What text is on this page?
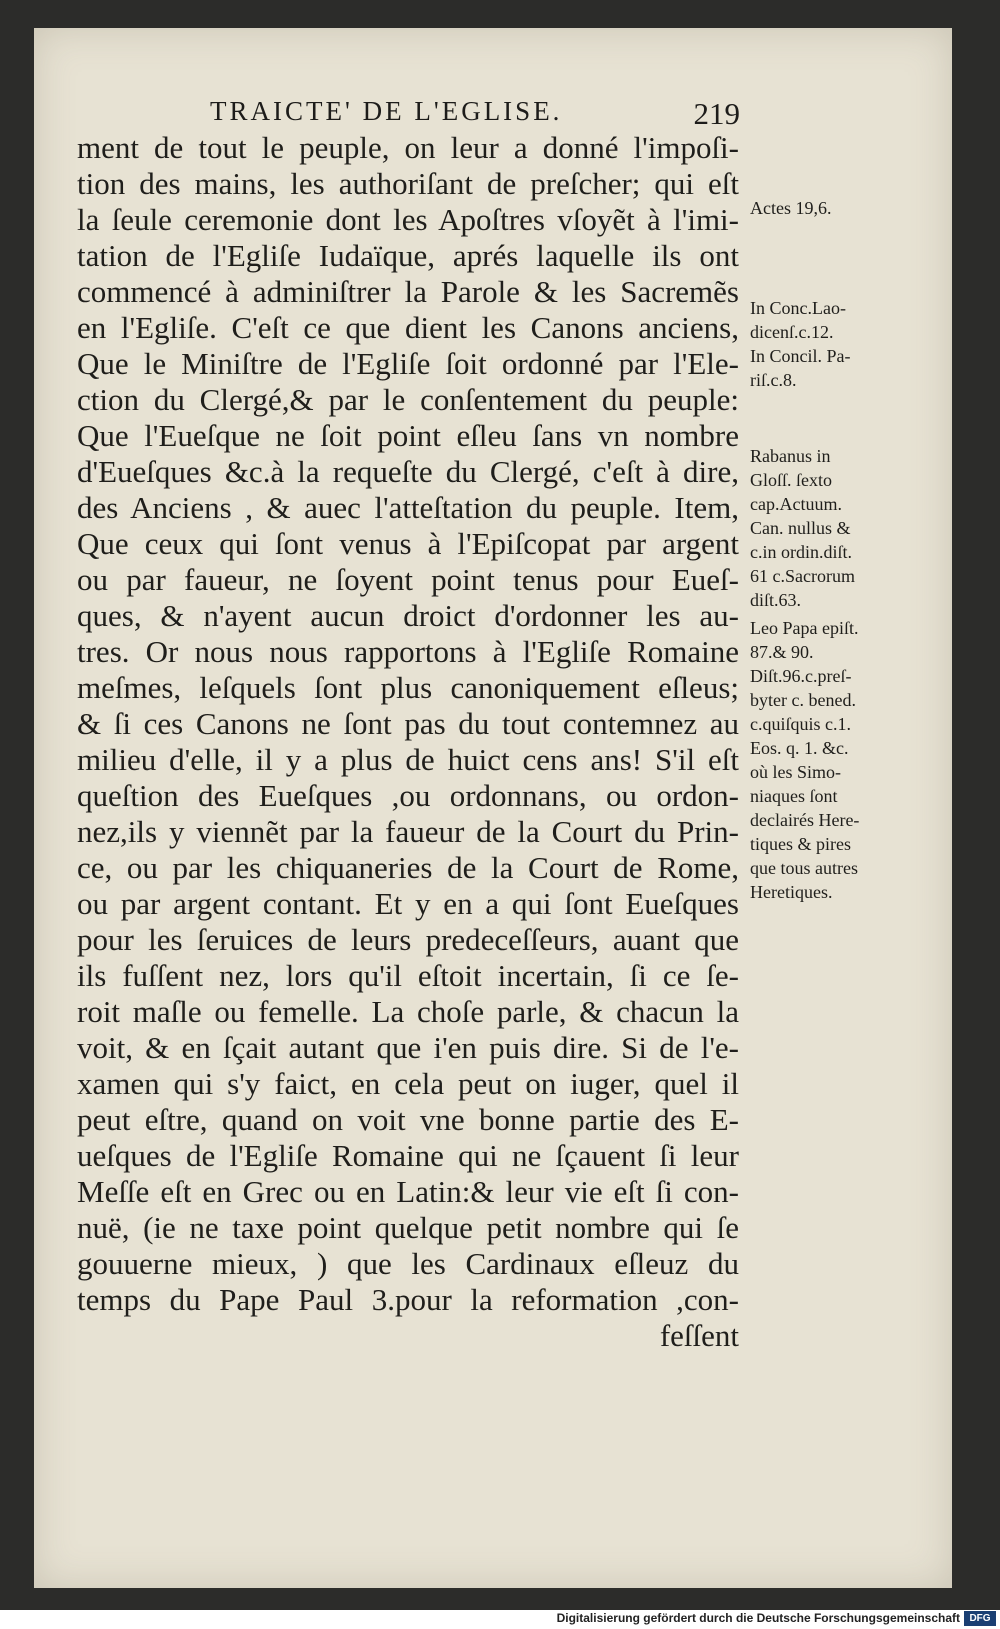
TRAICTE' DE L'EGLISE.	219
ment de tout le peuple, on leur a donné l'impoſi-
tion des mains, les authoriſant de preſcher; qui eſt
la ſeule ceremonie dont les Apoſtres vſoyẽt à l'imi-
tation de l'Egliſe Iudaïque, aprés laquelle ils ont
commencé à adminiſtrer la Parole & les Sacremẽs
en l'Egliſe. C'eſt ce que dient les Canons anciens,
Que le Miniſtre de l'Egliſe ſoit ordonné par l'Ele-
ction du Clergé,& par le conſentement du peuple:
Que l'Eueſque ne ſoit point eſleu ſans vn nombre
d'Eueſques &c.à la requeſte du Clergé, c'eſt à dire,
des Anciens , & auec l'atteſtation du peuple. Item,
Que ceux qui ſont venus à l'Epiſcopat par argent
ou par faueur, ne ſoyent point tenus pour Eueſ-
ques, & n'ayent aucun droict d'ordonner les au-
tres. Or nous nous rapportons à l'Egliſe Romaine
meſmes, leſquels ſont plus canoniquement eſleus;
& ſi ces Canons ne ſont pas du tout contemnez au
milieu d'elle, il y a plus de huict cens ans! S'il eſt
queſtion des Eueſques ,ou ordonnans, ou ordon-
nez,ils y viennẽt par la faueur de la Court du Prin-
ce, ou par les chiquaneries de la Court de Rome,
ou par argent contant. Et y en a qui ſont Eueſques
pour les ſeruices de leurs predeceſſeurs, auant que
ils fuſſent nez, lors qu'il eſtoit incertain, ſi ce ſe-
roit maſle ou femelle. La choſe parle, & chacun la
voit, & en ſçait autant que i'en puis dire. Si de l'e-
xamen qui s'y faict, en cela peut on iuger, quel il
peut eſtre, quand on voit vne bonne partie des E-
ueſques de l'Egliſe Romaine qui ne ſçauent ſi leur
Meſſe eſt en Grec ou en Latin:& leur vie eſt ſi con-
nuë, (ie ne taxe point quelque petit nombre qui ſe
gouuerne mieux, ) que les Cardinaux eſleuz du
temps du Pape Paul 3.pour la reformation ,con-
feſſent
Actes 19,6.
In Conc.Lao-
dicenſ.c.12.
In Concil. Pa-
riſ.c.8.
Rabanus in
Gloſſ. ſexto
cap.Actuum.
Can. nullus &
c.in ordin.diſt.
61 c.Sacrorum
diſt.63.
Leo Papa epiſt.
87.& 90.
Diſt.96.c.preſ-
byter c. bened.
c.quiſquis c.1.
Eos. q. 1. &c.
où les Simo-
niaques ſont
declairés Here-
tiques & pires
que tous autres
Heretiques.
Digitalisierung gefördert durch die Deutsche Forschungsgemeinschaft DFG
